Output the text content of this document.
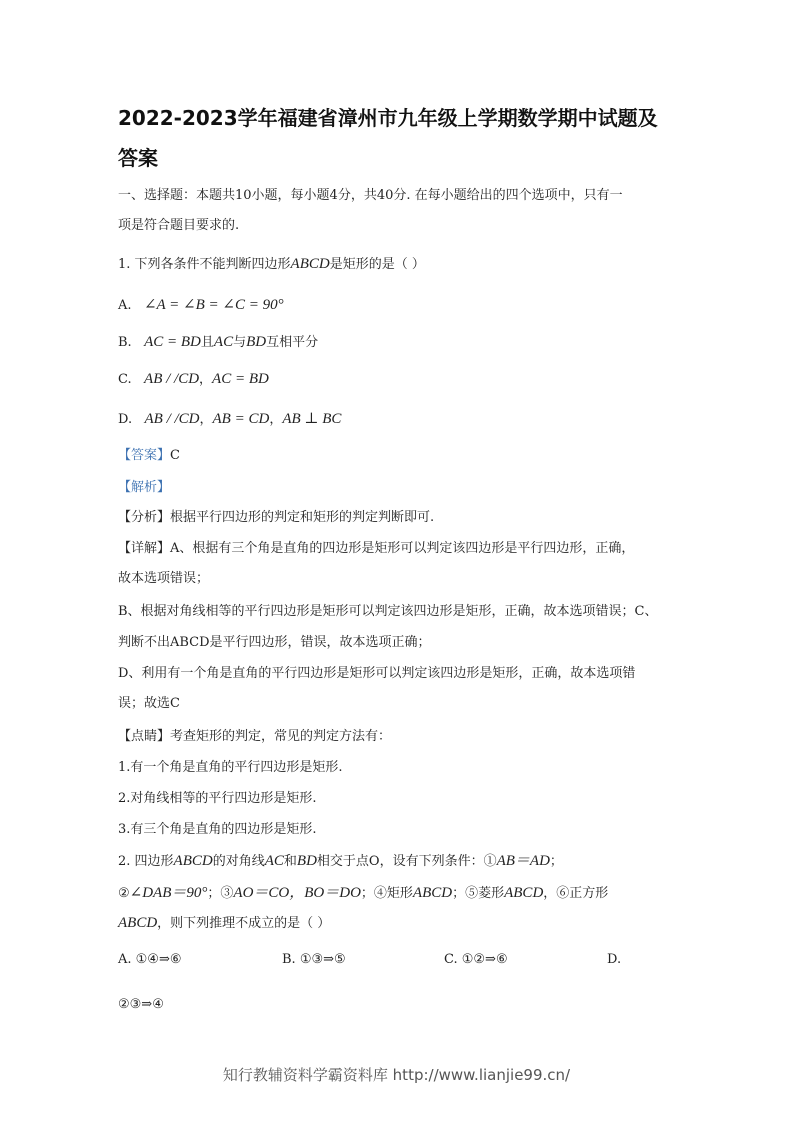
2022-2023学年福建省漳州市九年级上学期数学期中试题及
答案
一、选择题：本题共10小题，每小题4分，共40分. 在每小题给出的四个选项中，只有一
项是符合题目要求的.
1. 下列各条件不能判断四边形ABCD是矩形的是（ ）
A. ∠A = ∠B = ∠C = 90°
B. AC = BD且AC与BD互相平分
C. AB / /CD，AC = BD
D. AB / /CD，AB = CD，AB ⊥ BC
【答案】C
【解析】
【分析】根据平行四边形的判定和矩形的判定判断即可.
【详解】A、根据有三个角是直角的四边形是矩形可以判定该四边形是平行四边形，正确，
故本选项错误；
B、根据对角线相等的平行四边形是矩形可以判定该四边形是矩形，正确，故本选项错误；C、
判断不出ABCD是平行四边形，错误，故本选项正确；
D、利用有一个角是直角的平行四边形是矩形可以判定该四边形是矩形，正确，故本选项错
误；故选C
【点睛】考查矩形的判定，常见的判定方法有：
1.有一个角是直角的平行四边形是矩形.
2.对角线相等的平行四边形是矩形.
3.有三个角是直角的四边形是矩形.
2. 四边形ABCD的对角线AC和BD相交于点O，设有下列条件：①AB＝AD；
②∠DAB＝90°；③AO＝CO，BO＝DO；④矩形ABCD；⑤菱形ABCD，⑥正方形
ABCD，则下列推理不成立的是（ ）
A. ①④⇒⑥	B. ①③⇒⑤	C. ①②⇒⑥	D.
②③⇒④
知行教辅资料学霸资料库 http://www.lianjie99.cn/
